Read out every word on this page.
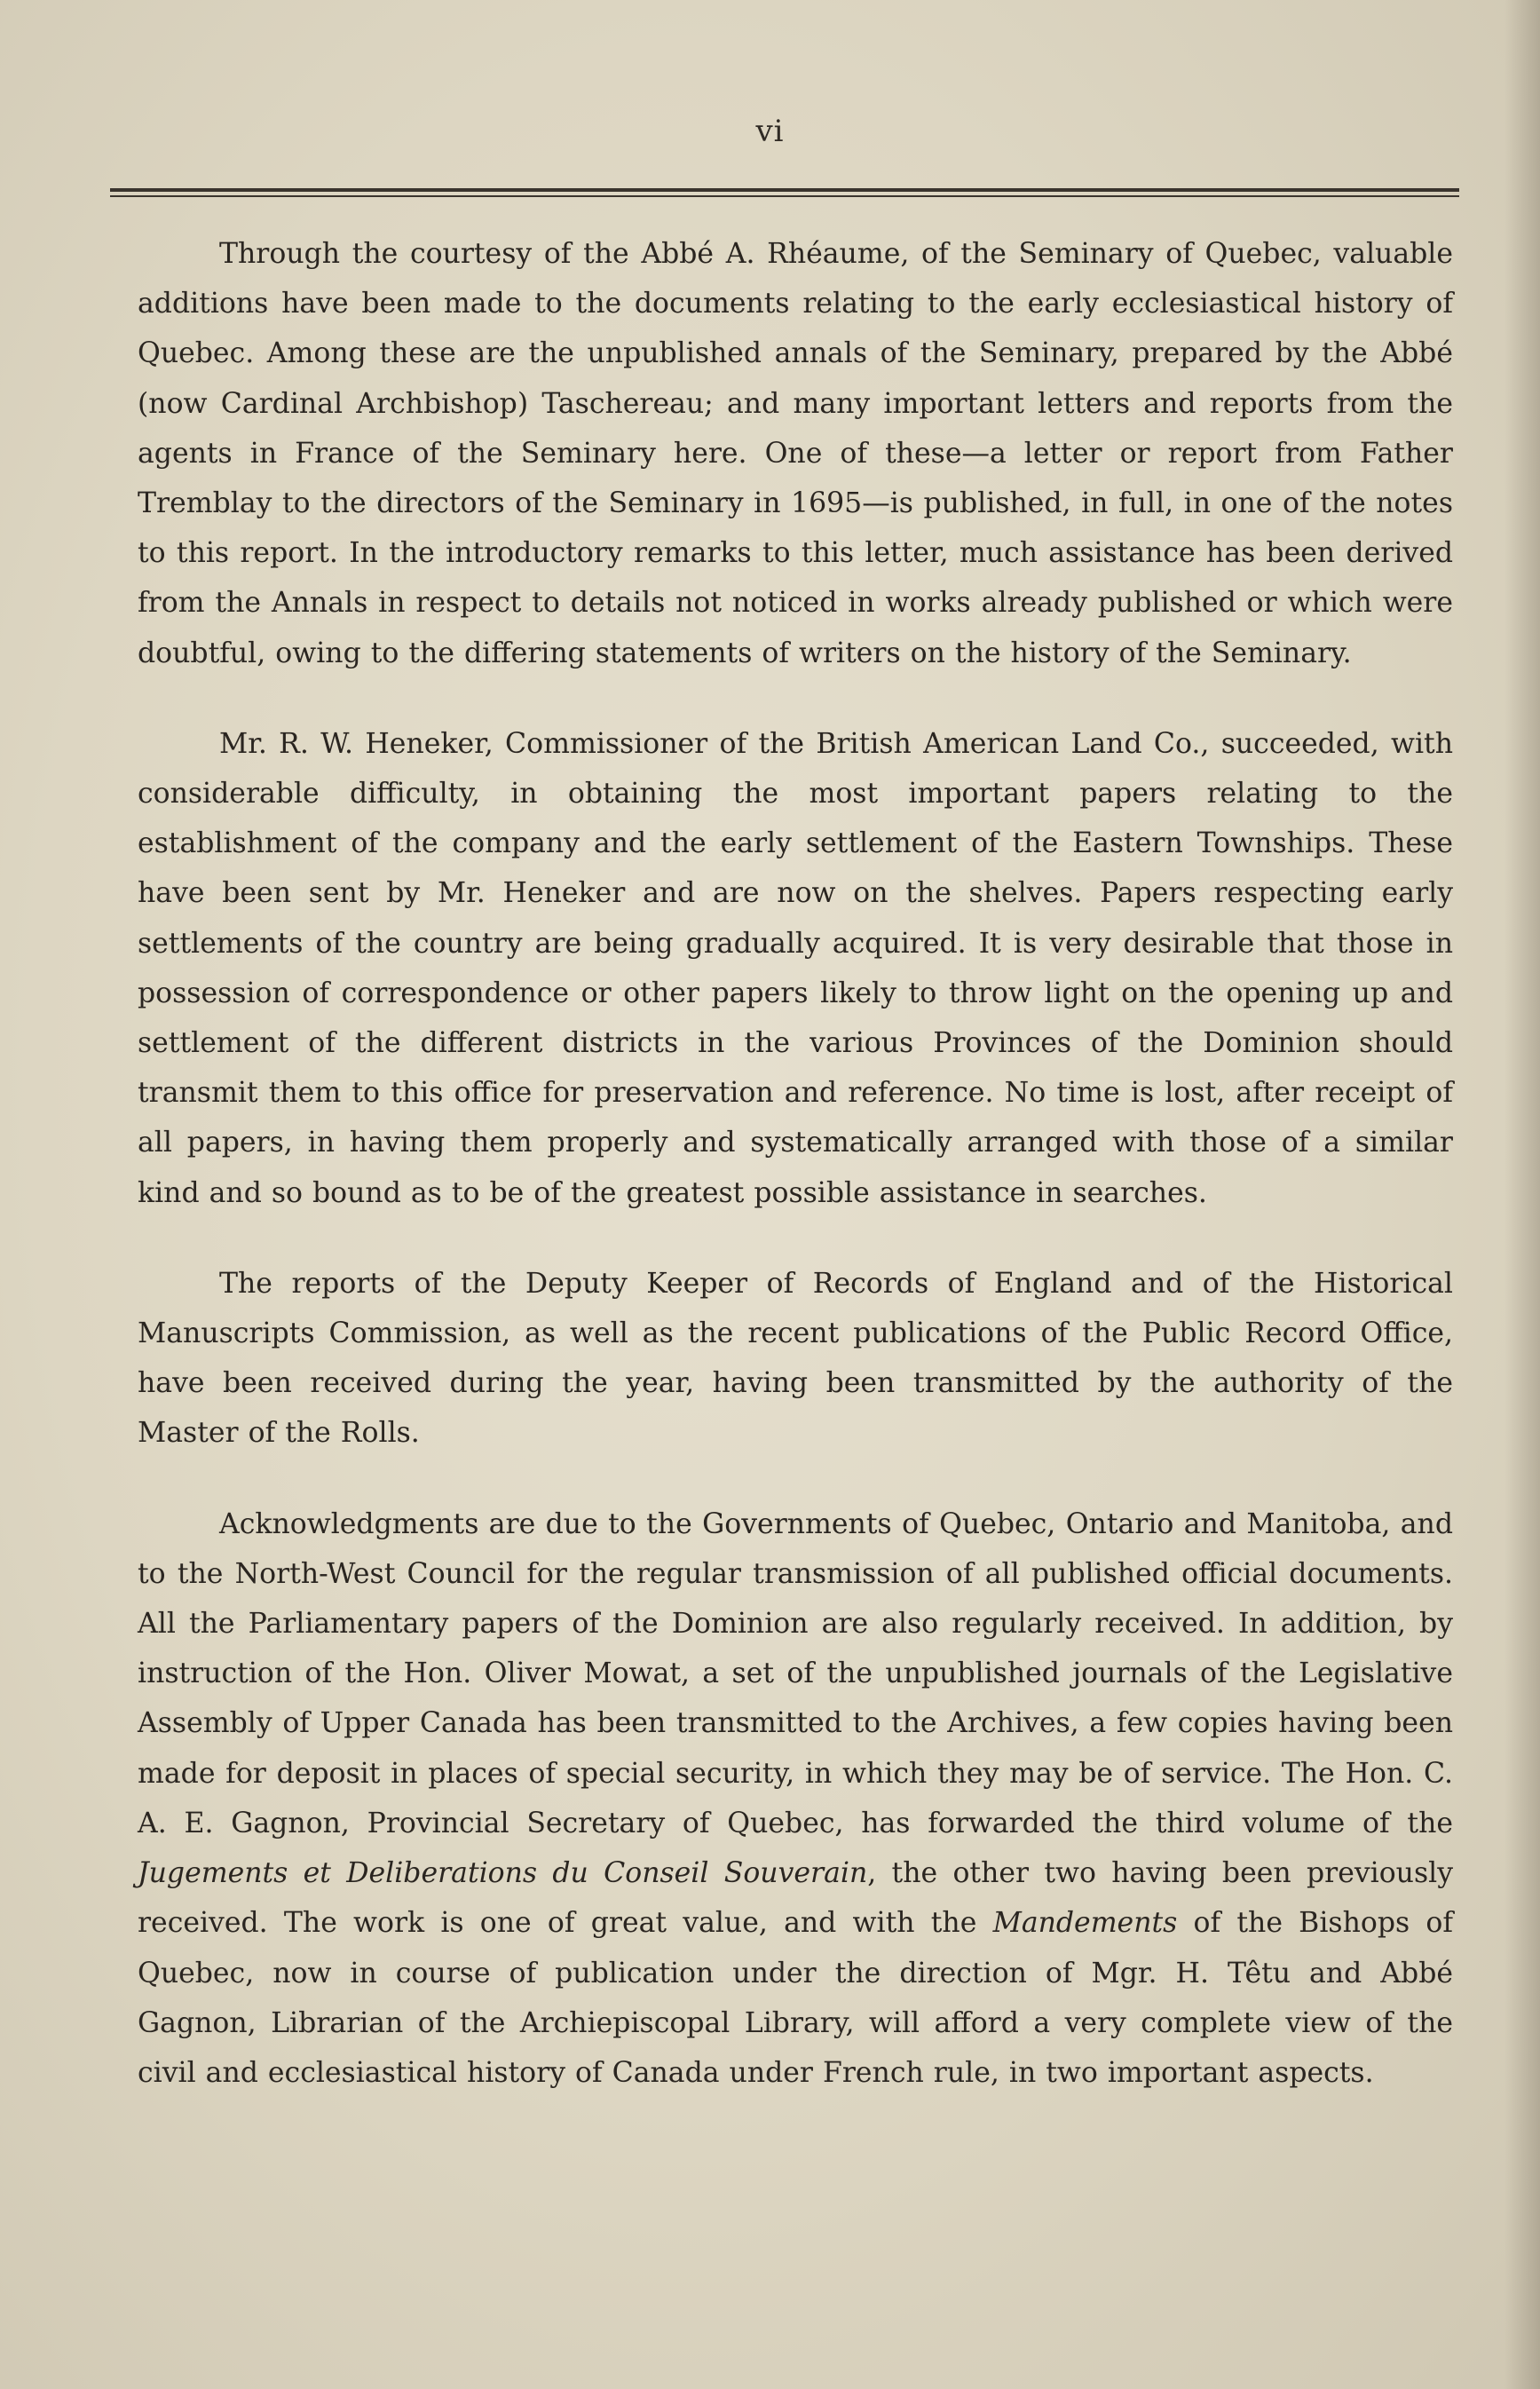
vi

Through the courtesy of the Abbé A. Rhéaume, of the Seminary of Quebec, valuable additions have been made to the documents relating to the early ecclesiastical history of Quebec. Among these are the unpublished annals of the Seminary, prepared by the Abbé (now Cardinal Archbishop) Taschereau; and many important letters and reports from the agents in France of the Seminary here. One of these—a letter or report from Father Tremblay to the directors of the Seminary in 1695—is published, in full, in one of the notes to this report. In the introductory remarks to this letter, much assistance has been derived from the Annals in respect to details not noticed in works already published or which were doubtful, owing to the differing statements of writers on the history of the Seminary.

Mr. R. W. Heneker, Commissioner of the British American Land Co., succeeded, with considerable difficulty, in obtaining the most important papers relating to the establishment of the company and the early settlement of the Eastern Townships. These have been sent by Mr. Heneker and are now on the shelves. Papers respecting early settlements of the country are being gradually acquired. It is very desirable that those in possession of correspondence or other papers likely to throw light on the opening up and settlement of the different districts in the various Provinces of the Dominion should transmit them to this office for preservation and reference. No time is lost, after receipt of all papers, in having them properly and systematically arranged with those of a similar kind and so bound as to be of the greatest possible assistance in searches.

The reports of the Deputy Keeper of Records of England and of the Historical Manuscripts Commission, as well as the recent publications of the Public Record Office, have been received during the year, having been transmitted by the authority of the Master of the Rolls.

Acknowledgments are due to the Governments of Quebec, Ontario and Manitoba, and to the North-West Council for the regular transmission of all published official documents. All the Parliamentary papers of the Dominion are also regularly received. In addition, by instruction of the Hon. Oliver Mowat, a set of the unpublished journals of the Legislative Assembly of Upper Canada has been transmitted to the Archives, a few copies having been made for deposit in places of special security, in which they may be of service. The Hon. C. A. E. Gagnon, Provincial Secretary of Quebec, has forwarded the third volume of the Jugements et Deliberations du Conseil Souverain, the other two having been previously received. The work is one of great value, and with the Mandements of the Bishops of Quebec, now in course of publication under the direction of Mgr. H. Têtu and Abbé Gagnon, Librarian of the Archiepiscopal Library, will afford a very complete view of the civil and ecclesiastical history of Canada under French rule, in two important aspects.
